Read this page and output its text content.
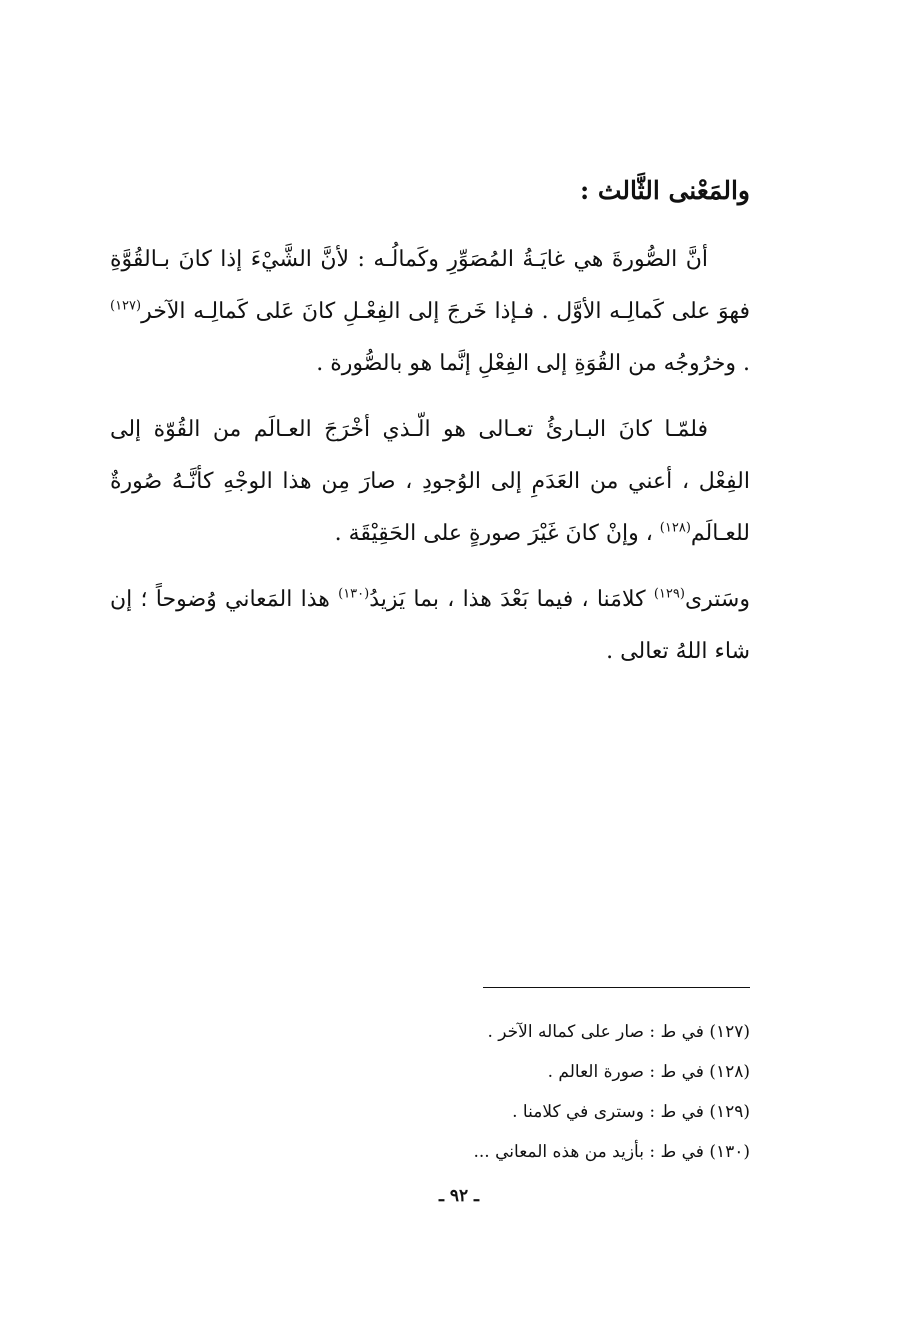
والمَعْنى الثَّالث :

أنَّ الصُّورةَ هي غايَـةُ المُصَوِّرِ وكَمالُـه : لأنَّ الشَّيْءَ إذا كانَ بـالقُوَّةِ فهوَ على كَمالِـه الأوَّل . فـإذا خَرجَ إلى الفِعْـلِ كانَ عَلى كَمالِـه الآخر$^{(١٢٧)}$ . وخرُوجُه من القُوَةِ إلى الفِعْلِ إنَّما هو بالصُّورة .

فلمّـا كانَ البـارئُ تعـالى هو الّـذي أخْرَجَ العـالَم من القُوّة إلى الفِعْل ، أعني من العَدَمِ إلى الوُجودِ ، صارَ مِن هذا الوجْهِ كأنَّـهُ صُورةٌ للعـالَم$^{(١٢٨)}$ ، وإنْ كانَ غَيْرَ صورةٍ على الحَقِيْقَة .

وسَترى$^{(١٢٩)}$ كلامَنا ، فيما بَعْدَ هذا ، بما يَزيدُ$^{(١٣٠)}$ هذا المَعاني وُضوحاً ؛ إن شاء اللهُ تعالى .

(١٢٧) في ط : صار على كماله الآخر .

(١٢٨) في ط : صورة العالم .

(١٢٩) في ط : وسترى في كلامنا .

(١٣٠) في ط : بأزيد من هذه المعاني ...

ـ ٩٢ ـ
